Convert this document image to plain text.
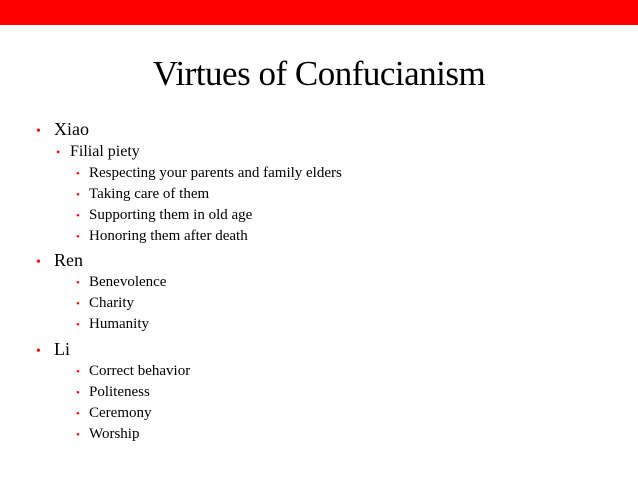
Virtues of Confucianism
• Xiao
• Filial piety
• Respecting your parents and family elders
• Taking care of them
• Supporting them in old age
• Honoring them after death
• Ren
• Benevolence
• Charity
• Humanity
• Li
• Correct behavior
• Politeness
• Ceremony
• Worship
